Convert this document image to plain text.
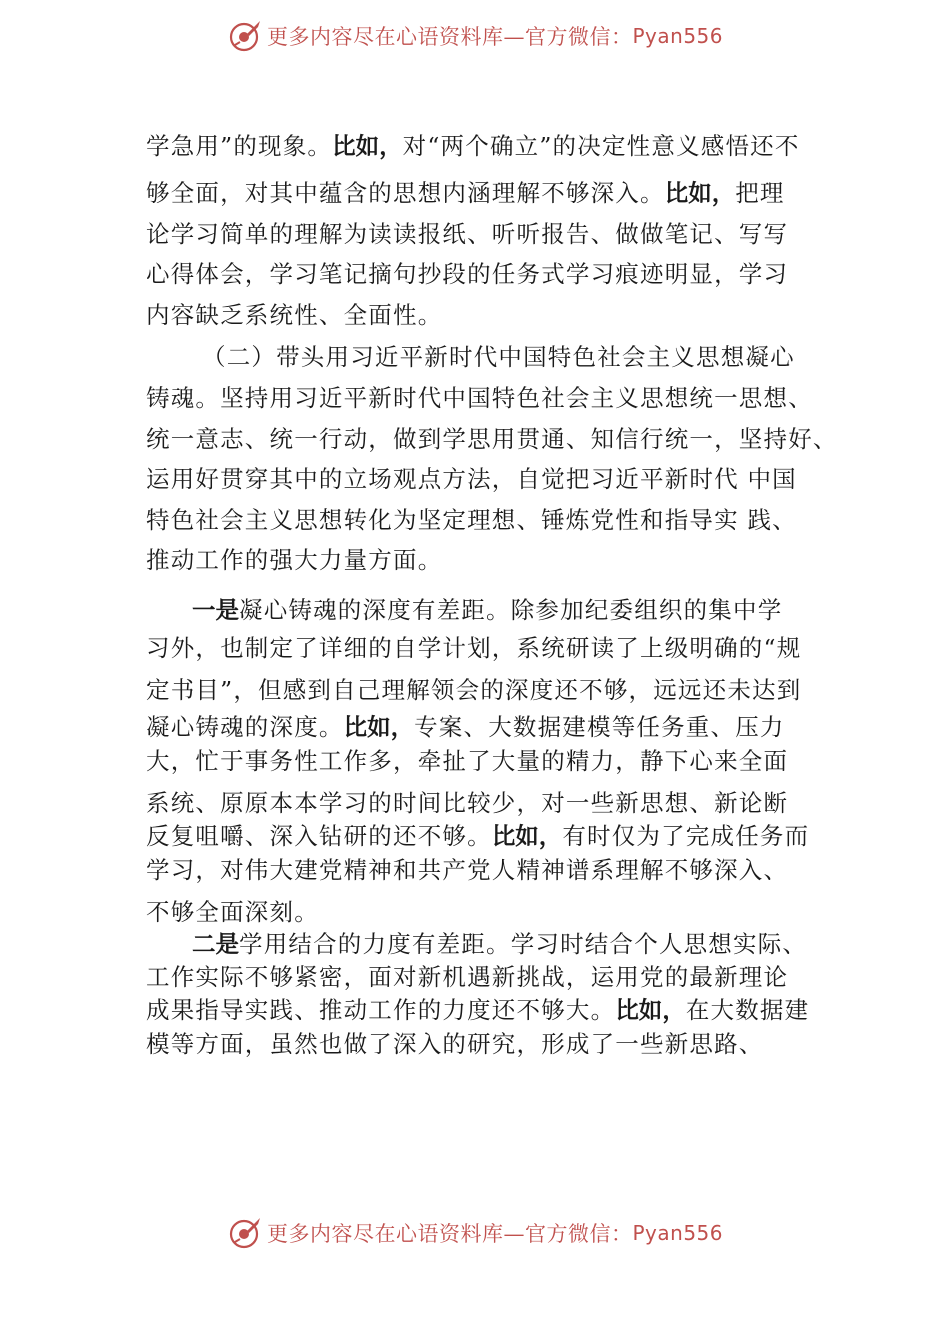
更多内容尽在心语资料库—官方微信： Pyan556
学急用”的现象。比如，对“两个确立”的决定性意义感悟还不
够全面，对其中蕴含的思想内涵理解不够深入。比如，把理
论学习简单的理解为读读报纸、听听报告、做做笔记、写写
心得体会，学习笔记摘句抄段的任务式学习痕迹明显，学习
内容缺乏系统性、全面性。
（二）带头用习近平新时代中国特色社会主义思想凝心
铸魂。坚持用习近平新时代中国特色社会主义思想统一思想、
统一意志、统一行动，做到学思用贯通、知信行统一，坚持好、
运用好贯穿其中的立场观点方法，自觉把习近平新时代 中国
特色社会主义思想转化为坚定理想、锤炼党性和指导实 践、
推动工作的强大力量方面。
一是凝心铸魂的深度有差距。除参加纪委组织的集中学
习外，也制定了详细的自学计划，系统研读了上级明确的“规
定书目”，但感到自己理解领会的深度还不够，远远还未达到
凝心铸魂的深度。比如，专案、大数据建模等任务重、压力
大，忙于事务性工作多，牵扯了大量的精力，静下心来全面
系统、原原本本学习的时间比较少，对一些新思想、新论断
反复咀嚼、深入钻研的还不够。比如，有时仅为了完成任务而
学习，对伟大建党精神和共产党人精神谱系理解不够深入、
不够全面深刻。
二是学用结合的力度有差距。学习时结合个人思想实际、
工作实际不够紧密，面对新机遇新挑战，运用党的最新理论
成果指导实践、推动工作的力度还不够大。比如，在大数据建
模等方面，虽然也做了深入的研究，形成了一些新思路、
更多内容尽在心语资料库—官方微信： Pyan556
